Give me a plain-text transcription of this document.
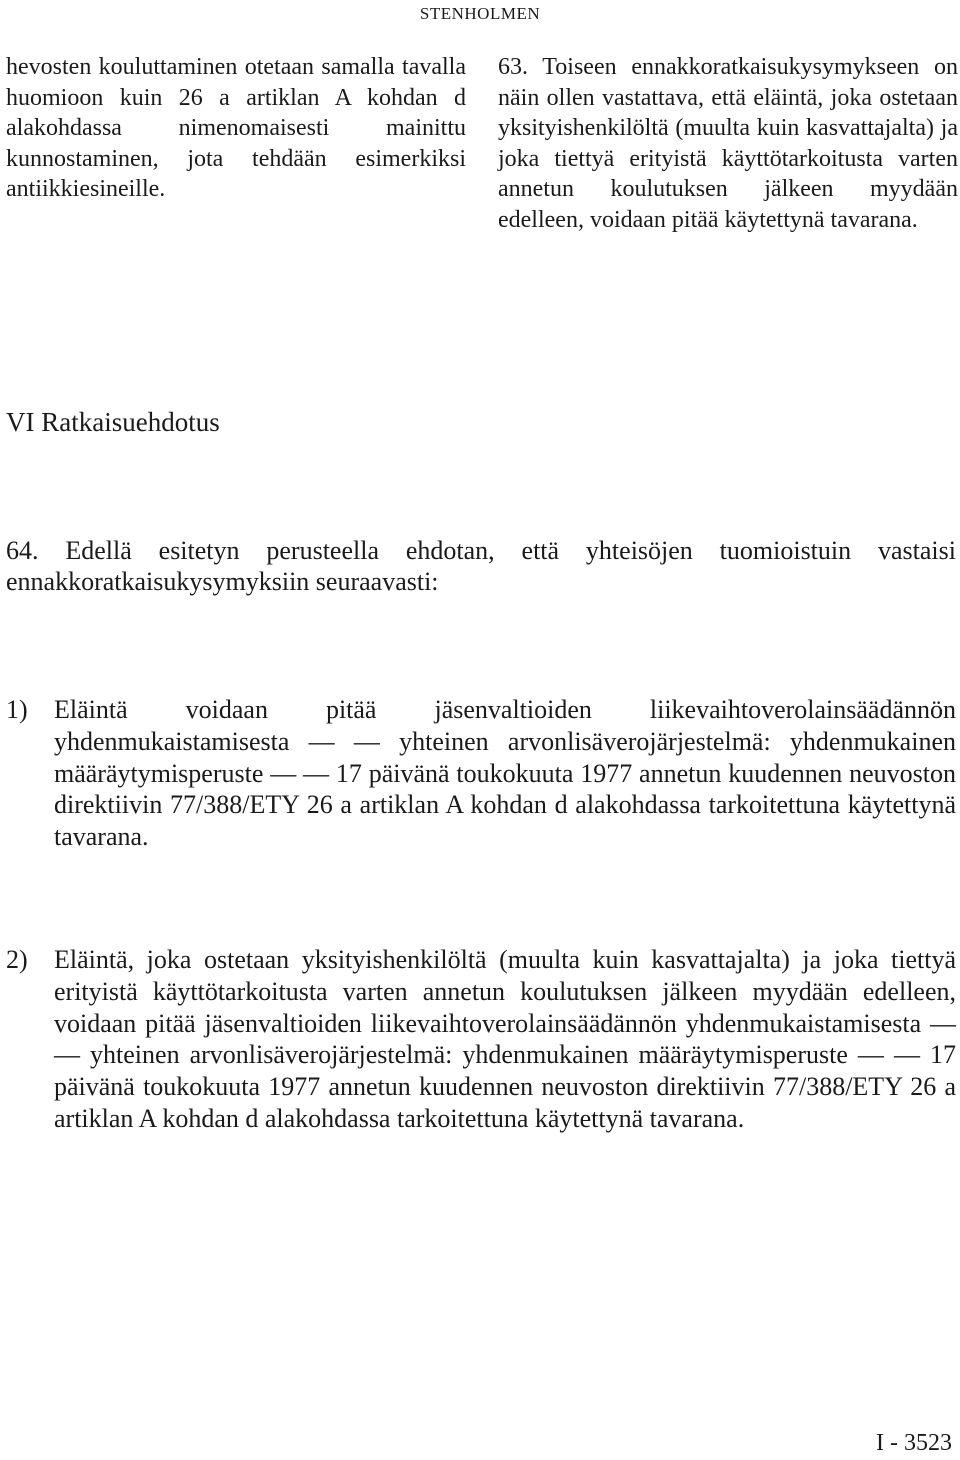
STENHOLMEN

hevosten kouluttaminen otetaan samalla tavalla huomioon kuin 26 a artiklan A kohdan d alakohdassa nimenomaisesti mainittu kunnostaminen, jota tehdään esimerkiksi antiikkiesineille.

63. Toiseen ennakkoratkaisukysymykseen on näin ollen vastattava, että eläintä, joka ostetaan yksityishenkilöltä (muulta kuin kasvattajalta) ja joka tiettyä erityistä käyttötarkoitusta varten annetun koulutuksen jälkeen myydään edelleen, voidaan pitää käytettynä tavarana.

VI Ratkaisuehdotus

64. Edellä esitetyn perusteella ehdotan, että yhteisöjen tuomioistuin vastaisi ennakkoratkaisukysymyksiin seuraavasti:

1) Eläintä voidaan pitää jäsenvaltioiden liikevaihtoverolainsäädännön yhdenmukaistamisesta — — yhteinen arvonlisäverojärjestelmä: yhdenmukainen määräytymisperuste — — 17 päivänä toukokuuta 1977 annetun kuudennen neuvoston direktiivin 77/388/ETY 26 a artiklan A kohdan d alakohdassa tarkoitettuna käytettynä tavarana.
2) Eläintä, joka ostetaan yksityishenkilöltä (muulta kuin kasvattajalta) ja joka tiettyä erityistä käyttötarkoitusta varten annetun koulutuksen jälkeen myydään edelleen, voidaan pitää jäsenvaltioiden liikevaihtoverolainsäädännön yhdenmukaistamisesta — — yhteinen arvonlisäverojärjestelmä: yhdenmukainen määräytymisperuste — — 17 päivänä toukokuuta 1977 annetun kuudennen neuvoston direktiivin 77/388/ETY 26 a artiklan A kohdan d alakohdassa tarkoitettuna käytettynä tavarana.
I - 3523
